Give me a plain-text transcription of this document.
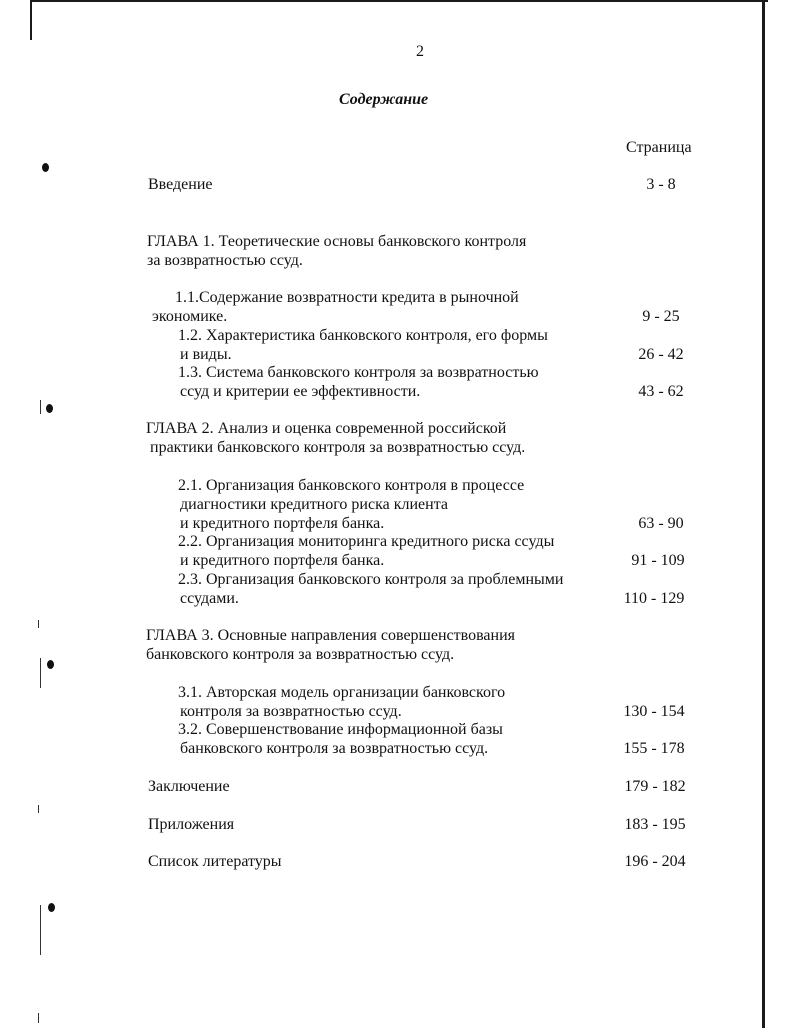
2
Содержание
Страница
Введение	3 - 8
ГЛАВА 1. Теоретические основы банковского контроля
за возвратностью ссуд.
1.1.Содержание возвратности кредита в рыночной
экономике.	9 - 25
1.2. Характеристика банковского контроля, его формы
и виды.	26 - 42
1.3. Система банковского контроля за возвратностью
ссуд и критерии ее эффективности.	43 - 62
ГЛАВА 2. Анализ и оценка современной российской
практики банковского контроля за возвратностью ссуд.
2.1. Организация банковского контроля в процессе
диагностики кредитного риска клиента
и кредитного портфеля банка.	63 - 90
2.2. Организация мониторинга кредитного риска ссуды
и кредитного портфеля банка.	91 - 109
2.3. Организация банковского контроля за проблемными
ссудами.	110 - 129
ГЛАВА 3. Основные направления совершенствования
банковского контроля за возвратностью ссуд.
3.1. Авторская модель организации банковского
контроля за возвратностью ссуд.	130 - 154
3.2. Совершенствование информационной базы
банковского контроля за возвратностью ссуд.	155 - 178
Заключение	179 - 182
Приложения	183 - 195
Список литературы	196 - 204
